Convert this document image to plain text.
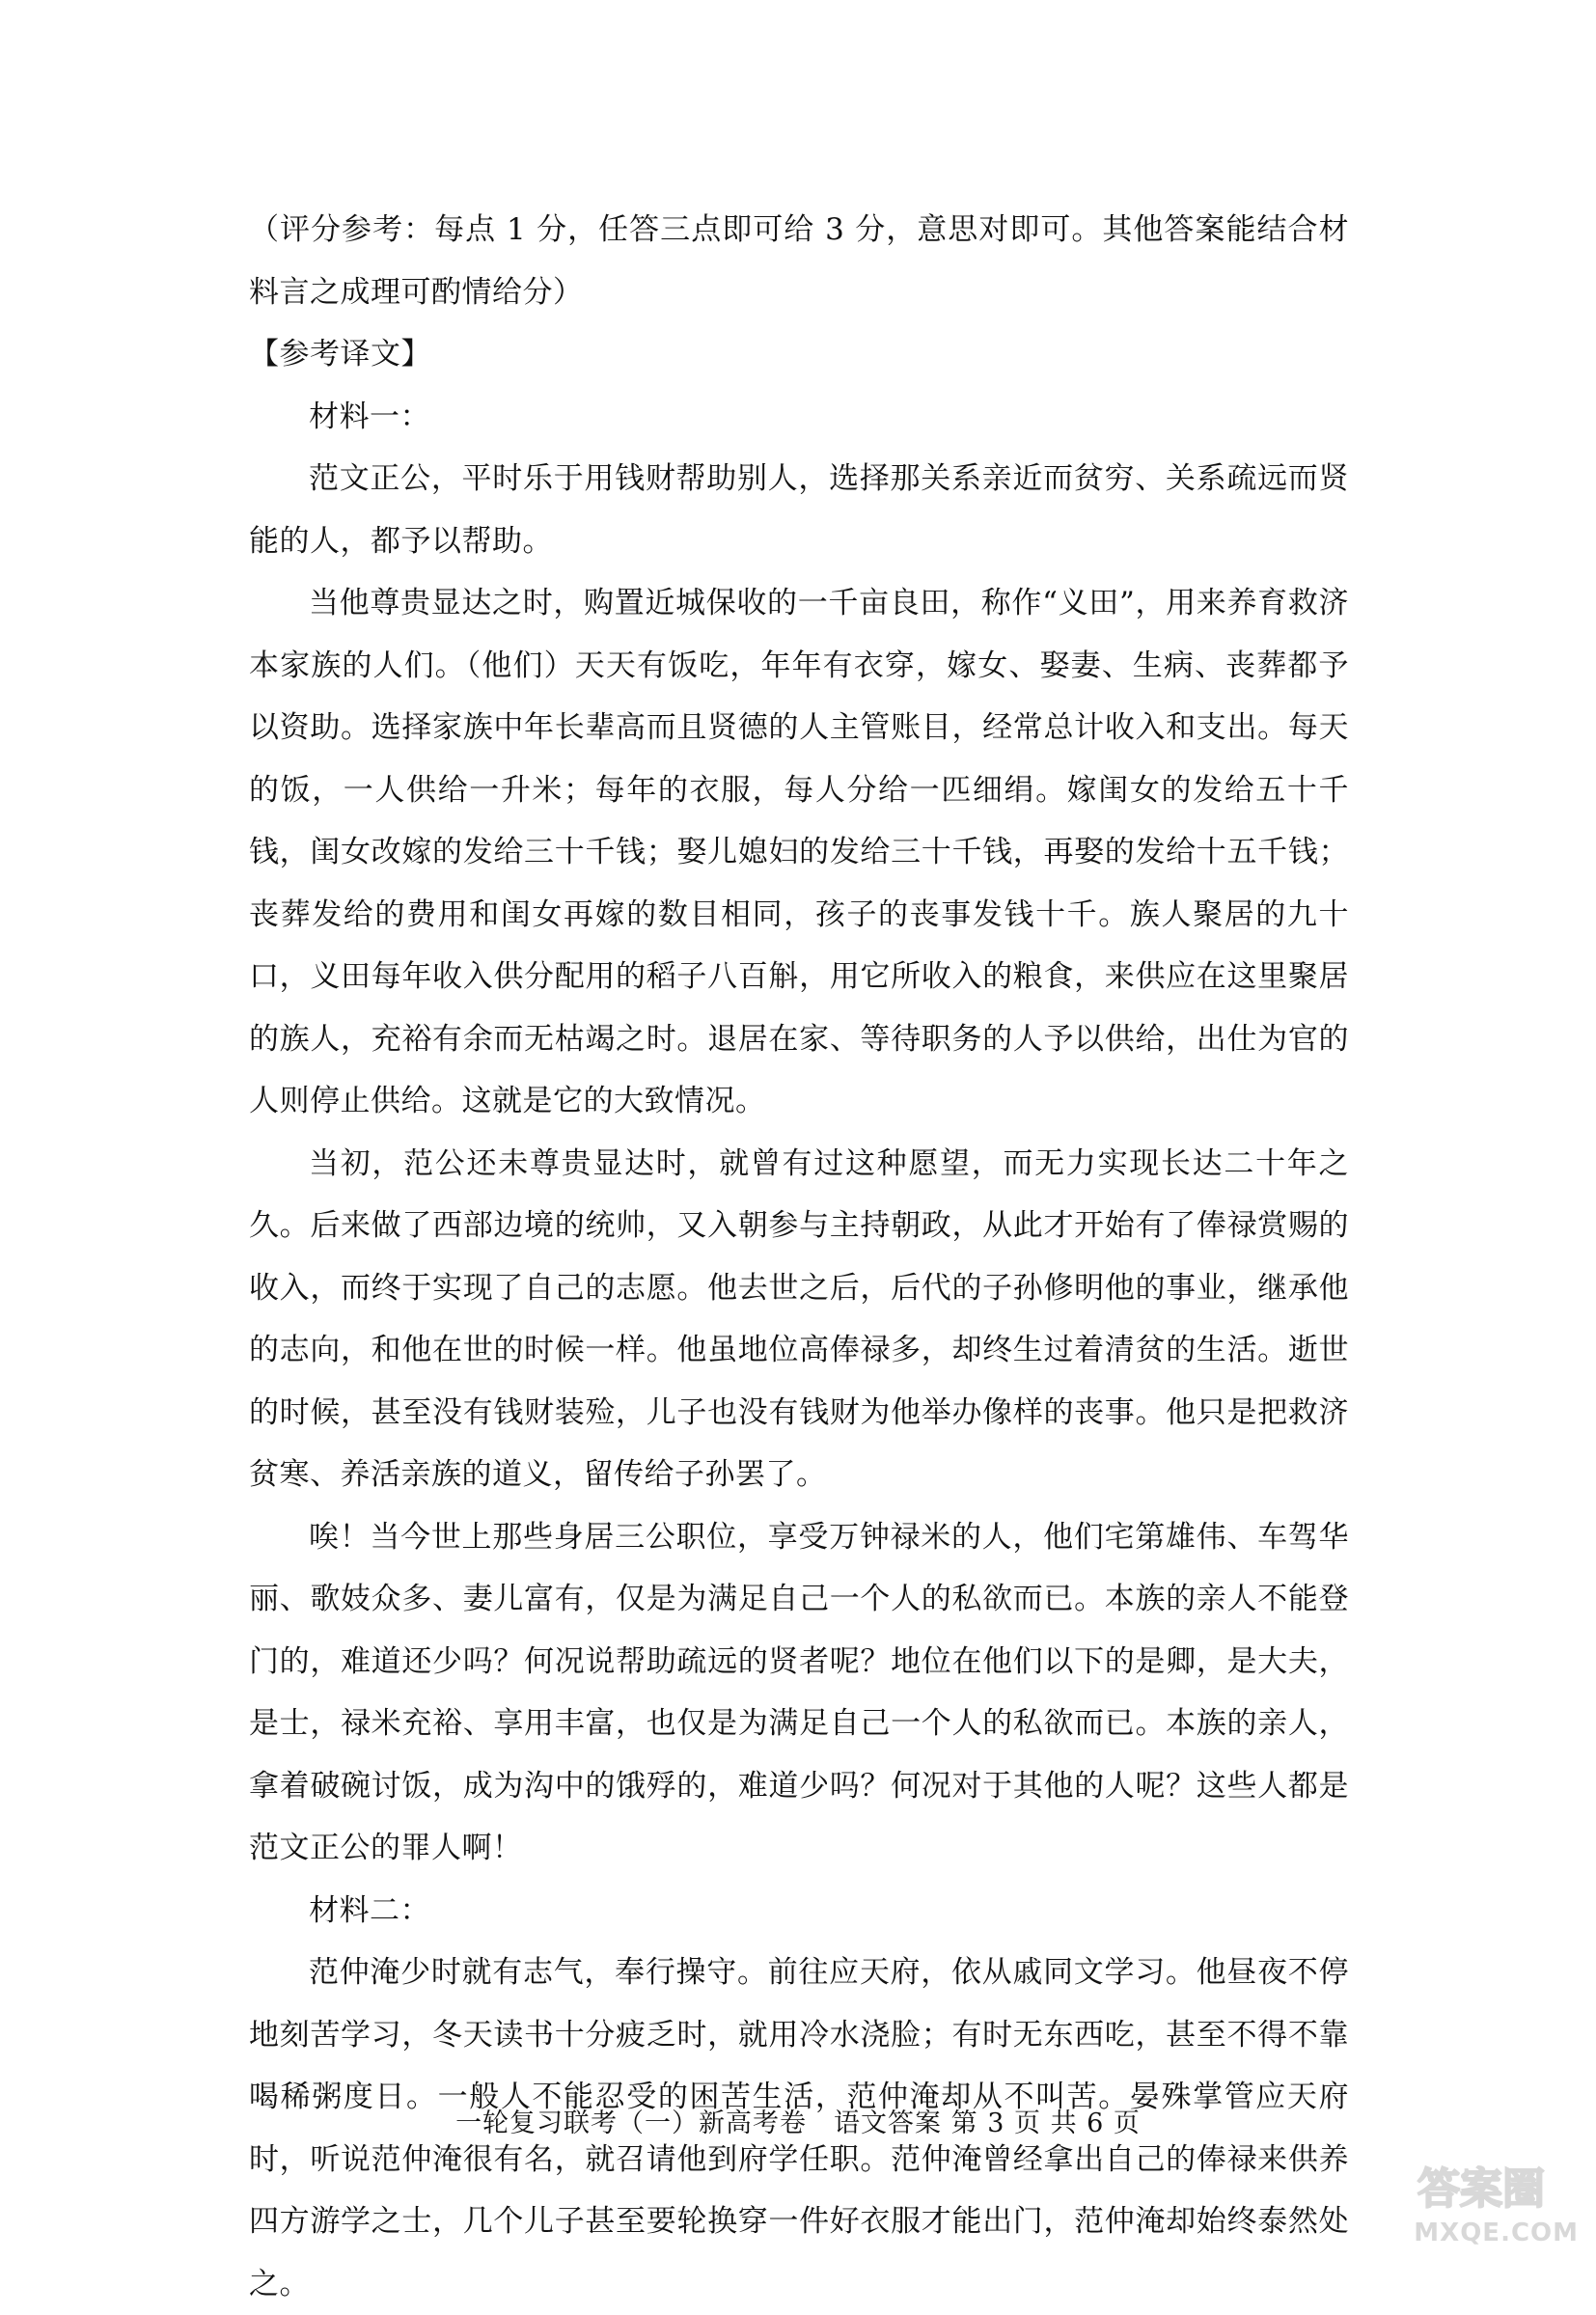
（评分参考：每点 1 分，任答三点即可给 3 分，意思对即可。其他答案能结合材料言之成理可酌情给分）

【参考译文】

材料一：

范文正公，平时乐于用钱财帮助别人，选择那关系亲近而贫穷、关系疏远而贤能的人，都予以帮助。

当他尊贵显达之时，购置近城保收的一千亩良田，称作“义田”，用来养育救济本家族的人们。（他们）天天有饭吃，年年有衣穿，嫁女、娶妻、生病、丧葬都予以资助。选择家族中年长辈高而且贤德的人主管账目，经常总计收入和支出。每天的饭，一人供给一升米；每年的衣服，每人分给一匹细绢。嫁闺女的发给五十千钱，闺女改嫁的发给三十千钱；娶儿媳妇的发给三十千钱，再娶的发给十五千钱；丧葬发给的费用和闺女再嫁的数目相同，孩子的丧事发钱十千。族人聚居的九十口，义田每年收入供分配用的稻子八百斛，用它所收入的粮食，来供应在这里聚居的族人，充裕有余而无枯竭之时。退居在家、等待职务的人予以供给，出仕为官的人则停止供给。这就是它的大致情况。

当初，范公还未尊贵显达时，就曾有过这种愿望，而无力实现长达二十年之久。后来做了西部边境的统帅，又入朝参与主持朝政，从此才开始有了俸禄赏赐的收入，而终于实现了自己的志愿。他去世之后，后代的子孙修明他的事业，继承他的志向，和他在世的时候一样。他虽地位高俸禄多，却终生过着清贫的生活。逝世的时候，甚至没有钱财装殓，儿子也没有钱财为他举办像样的丧事。他只是把救济贫寒、养活亲族的道义，留传给子孙罢了。

唉！当今世上那些身居三公职位，享受万钟禄米的人，他们宅第雄伟、车驾华丽、歌妓众多、妻儿富有，仅是为满足自己一个人的私欲而已。本族的亲人不能登门的，难道还少吗？何况说帮助疏远的贤者呢？地位在他们以下的是卿，是大夫，是士，禄米充裕、享用丰富，也仅是为满足自己一个人的私欲而已。本族的亲人，拿着破碗讨饭，成为沟中的饿殍的，难道少吗？何况对于其他的人呢？这些人都是范文正公的罪人啊！

材料二：

范仲淹少时就有志气，奉行操守。前往应天府，依从戚同文学习。他昼夜不停地刻苦学习，冬天读书十分疲乏时，就用冷水浇脸；有时无东西吃，甚至不得不靠喝稀粥度日。一般人不能忍受的困苦生活，范仲淹却从不叫苦。晏殊掌管应天府时，听说范仲淹很有名，就召请他到府学任职。范仲淹曾经拿出自己的俸禄来供养四方游学之士，几个儿子甚至要轮换穿一件好衣服才能出门，范仲淹却始终泰然处之。

一轮复习联考（一）新高考卷　语文答案 第 3 页 共 6 页
答案圈
MXQE.COM
